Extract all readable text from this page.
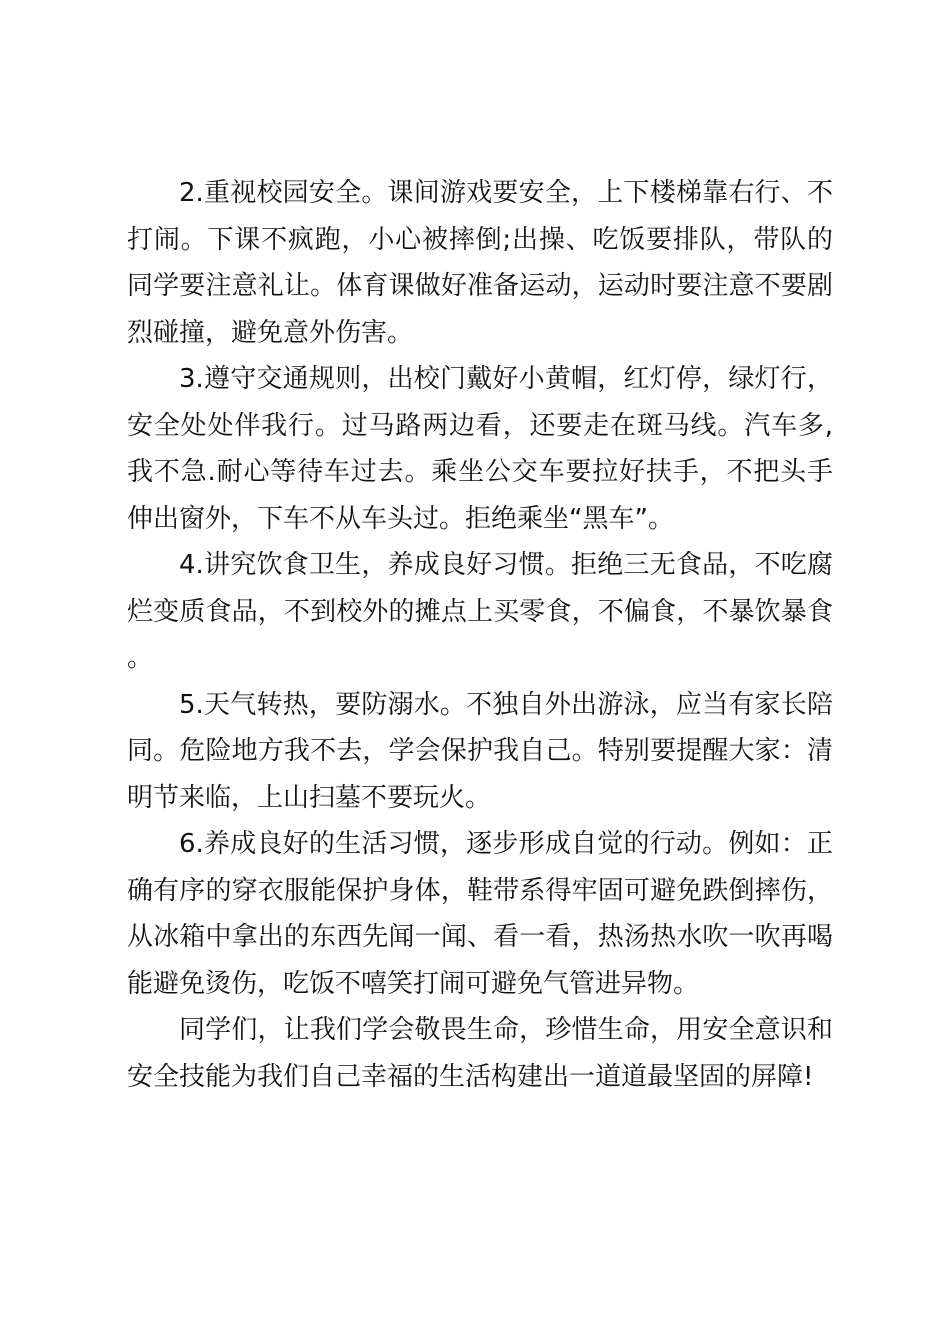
2.重视校园安全。课间游戏要安全，上下楼梯靠右行、不打闹。下课不疯跑，小心被摔倒;出操、吃饭要排队，带队的同学要注意礼让。体育课做好准备运动，运动时要注意不要剧烈碰撞，避免意外伤害。

3.遵守交通规则，出校门戴好小黄帽，红灯停，绿灯行，安全处处伴我行。过马路两边看，还要走在斑马线。汽车多,我不急.耐心等待车过去。乘坐公交车要拉好扶手，不把头手伸出窗外，下车不从车头过。拒绝乘坐“黑车”。

4.讲究饮食卫生，养成良好习惯。拒绝三无食品，不吃腐烂变质食品，不到校外的摊点上买零食，不偏食，不暴饮暴食。

5.天气转热，要防溺水。不独自外出游泳，应当有家长陪同。危险地方我不去，学会保护我自己。特别要提醒大家：清明节来临，上山扫墓不要玩火。

6.养成良好的生活习惯，逐步形成自觉的行动。例如：正确有序的穿衣服能保护身体，鞋带系得牢固可避免跌倒摔伤，从冰箱中拿出的东西先闻一闻、看一看，热汤热水吹一吹再喝能避免烫伤，吃饭不嘻笑打闹可避免气管进异物。

同学们，让我们学会敬畏生命，珍惜生命，用安全意识和安全技能为我们自己幸福的生活构建出一道道最坚固的屏障!
